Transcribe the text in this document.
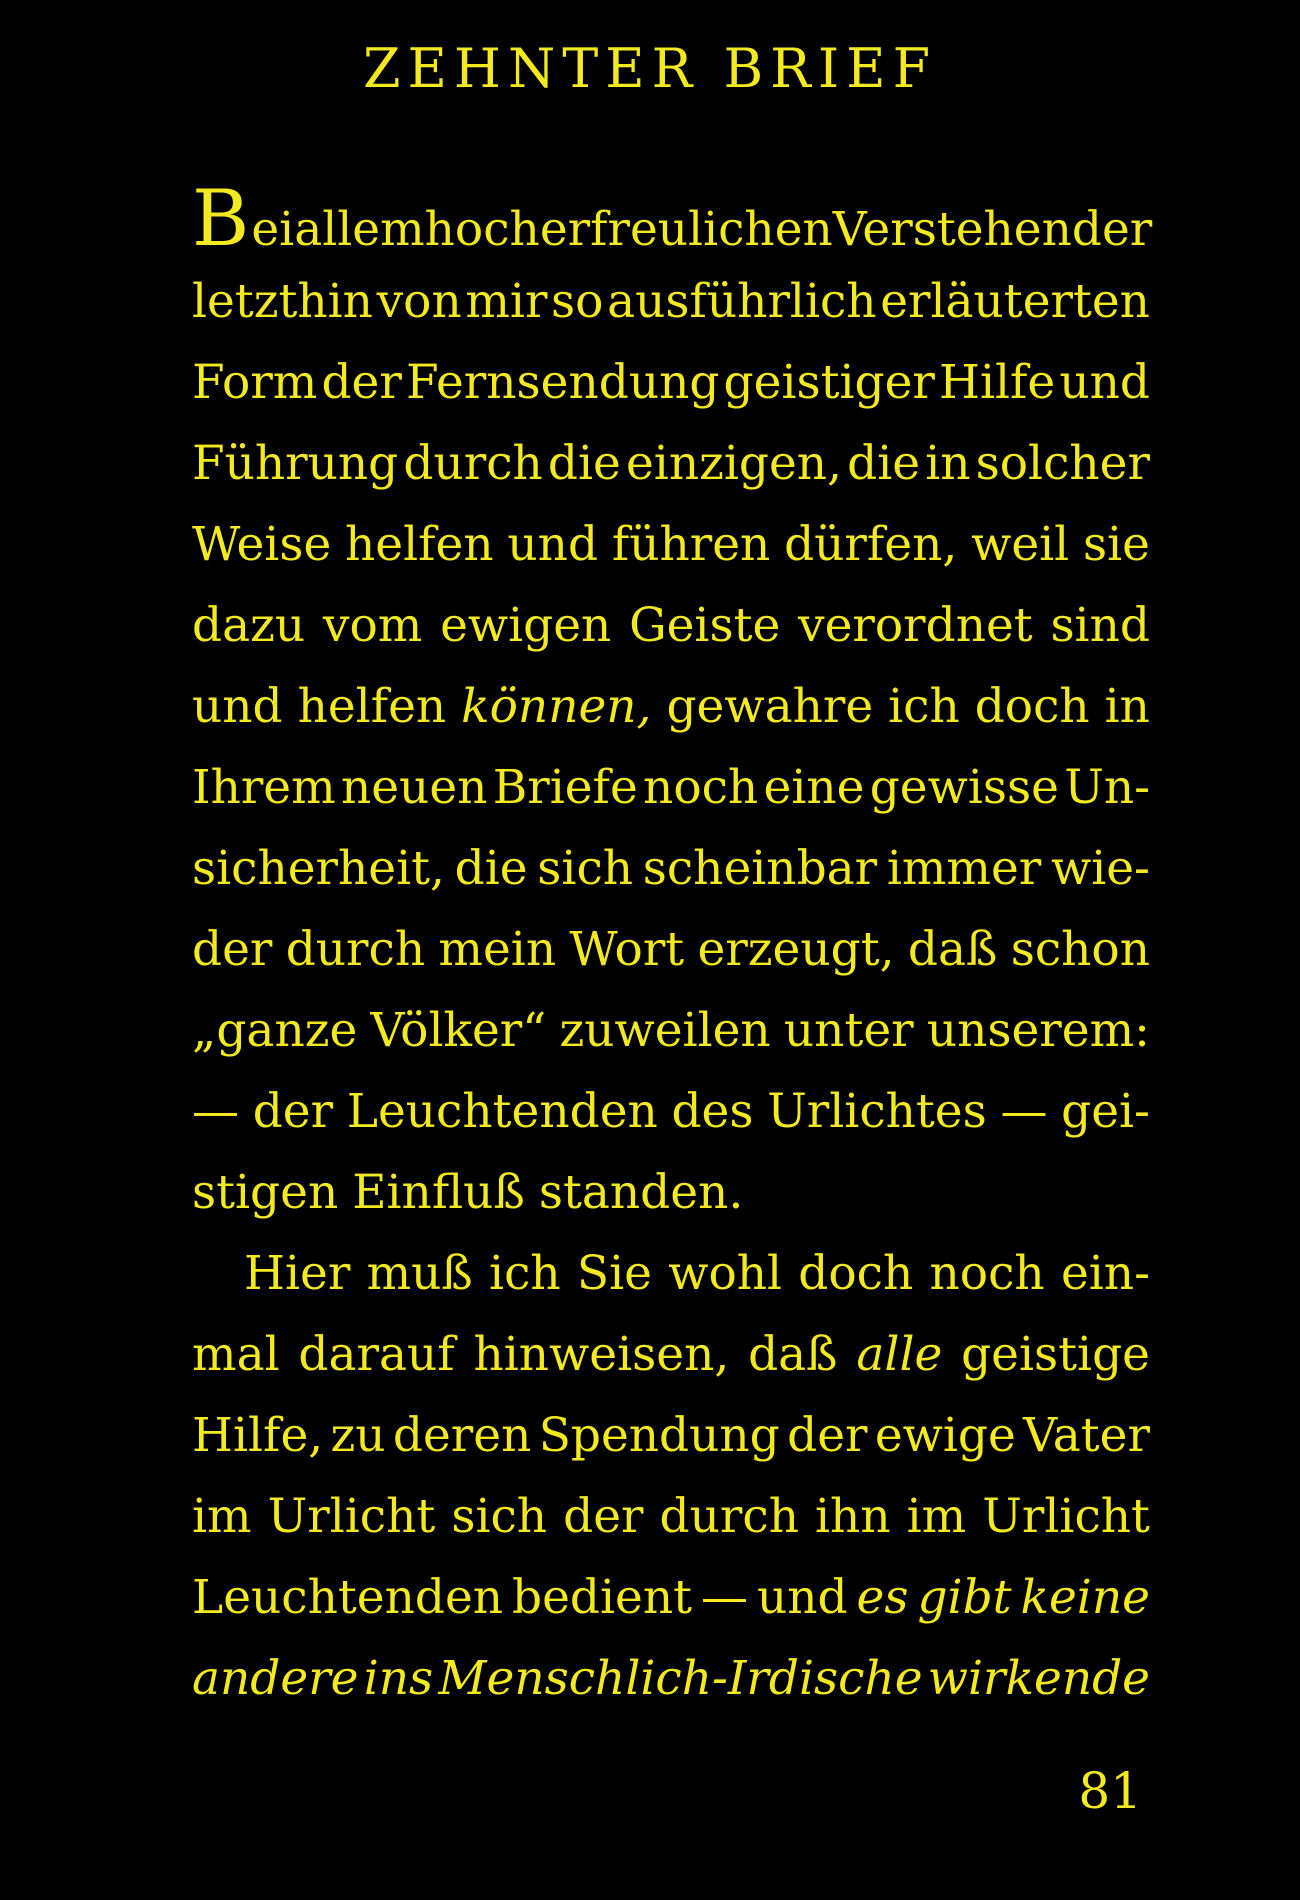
ZEHNTER BRIEF
Bei allem hocherfreulichen Verstehen der
letzthin von mir so ausführlich erläuterten
Form der Fernsendung geistiger Hilfe und
Führung durch die einzigen, die in solcher
Weise helfen und führen dürfen, weil sie
dazu vom ewigen Geiste verordnet sind
und helfen können, gewahre ich doch in
Ihrem neuen Briefe noch eine gewisse Un-
sicherheit, die sich scheinbar immer wie-
der durch mein Wort erzeugt, daß schon
„ganze Völker“ zuweilen unter unserem:
— der Leuchtenden des Urlichtes — gei-
stigen Einfluß standen.
Hier muß ich Sie wohl doch noch ein-
mal darauf hinweisen, daß alle geistige
Hilfe, zu deren Spendung der ewige Vater
im Urlicht sich der durch ihn im Urlicht
Leuchtenden bedient — und es gibt keine
andere ins Menschlich-Irdische wirkende
81
